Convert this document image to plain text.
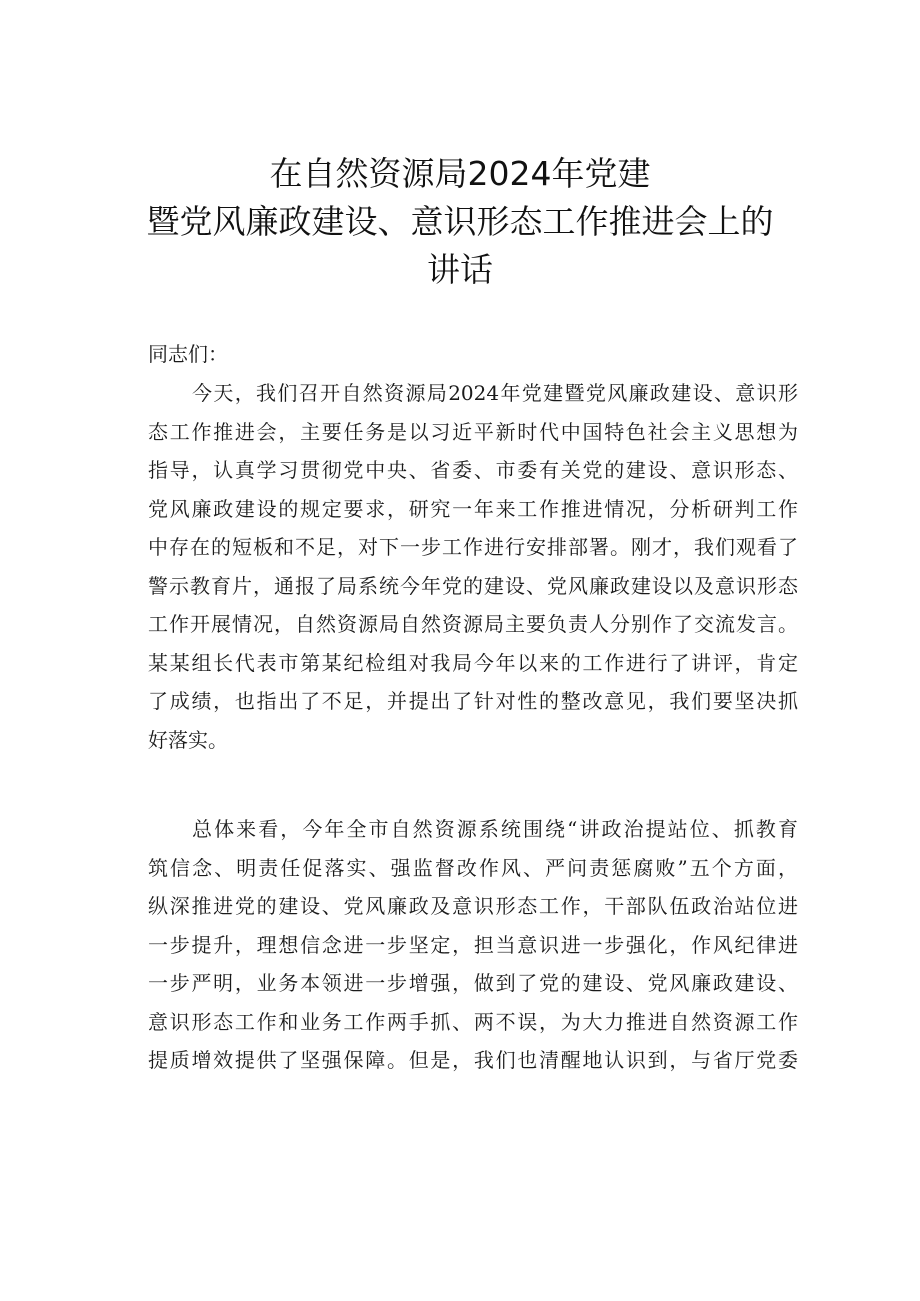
在自然资源局2024年党建
暨党风廉政建设、意识形态工作推进会上的
讲话
同志们：
今天，我们召开自然资源局2024年党建暨党风廉政建设、意识形
态工作推进会，主要任务是以习近平新时代中国特色社会主义思想为
指导，认真学习贯彻党中央、省委、市委有关党的建设、意识形态、
党风廉政建设的规定要求，研究一年来工作推进情况，分析研判工作
中存在的短板和不足，对下一步工作进行安排部署。刚才，我们观看了
警示教育片，通报了局系统今年党的建设、党风廉政建设以及意识形态
工作开展情况，自然资源局自然资源局主要负责人分别作了交流发言。
某某组长代表市第某纪检组对我局今年以来的工作进行了讲评，肯定
了成绩，也指出了不足，并提出了针对性的整改意见，我们要坚决抓
好落实。
总体来看，今年全市自然资源系统围绕“讲政治提站位、抓教育
筑信念、明责任促落实、强监督改作风、严问责惩腐败”五个方面，
纵深推进党的建设、党风廉政及意识形态工作，干部队伍政治站位进
一步提升，理想信念进一步坚定，担当意识进一步强化，作风纪律进
一步严明，业务本领进一步增强，做到了党的建设、党风廉政建设、
意识形态工作和业务工作两手抓、两不误，为大力推进自然资源工作
提质增效提供了坚强保障。但是，我们也清醒地认识到，与省厅党委
